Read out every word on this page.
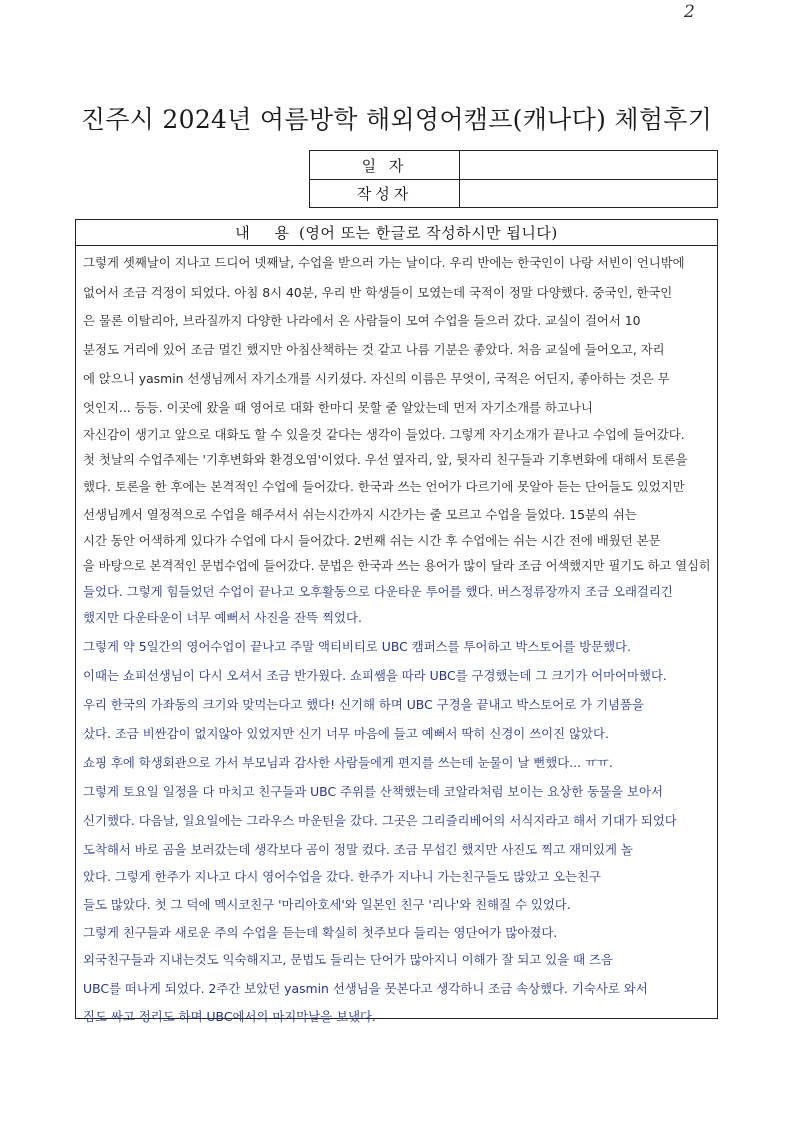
2
진주시 2024년 여름방학 해외영어캠프(캐나다) 체험후기
일 자
작성자
내 용 (영어 또는 한글로 작성하시만 됩니다)
그렇게 셋째날이 지나고 드디어 넷째날, 수업을 받으러 가는 날이다. 우리 반에는 한국인이 나랑 서빈이 언니밖에
없어서 조금 걱정이 되었다. 아침 8시 40분, 우리 반 학생들이 모였는데 국적이 정말 다양했다. 중국인, 한국인
은 물론 이탈리아, 브라질까지 다양한 나라에서 온 사람들이 모여 수업을 들으러 갔다. 교실이 걸어서 10
분정도 거리에 있어 조금 멀긴 했지만 아침산책하는 것 같고 나름 기분은 좋았다. 처음 교실에 들어오고, 자리
에 앉으니 yasmin 선생님께서 자기소개를 시키셨다. 자신의 이름은 무엇이, 국적은 어딘지, 좋아하는 것은 무
엇인지... 등등. 이곳에 왔을 때 영어로 대화 한마디 못할 줄 알았는데 먼저 자기소개를 하고나니
자신감이 생기고 앞으로 대화도 할 수 있을것 같다는 생각이 들었다. 그렇게 자기소개가 끝나고 수업에 들어갔다.
첫 첫날의 수업주제는 '기후변화와 환경오염'이었다. 우선 옆자리, 앞, 뒷자리 친구들과 기후변화에 대해서 토론을
했다. 토론을 한 후에는 본격적인 수업에 들어갔다. 한국과 쓰는 언어가 다르기에 못알아 듣는 단어들도 있었지만
선생님께서 열정적으로 수업을 해주셔서 쉬는시간까지 시간가는 줄 모르고 수업을 들었다. 15분의 쉬는
시간 동안 어색하게 있다가 수업에 다시 들어갔다. 2번째 쉬는 시간 후 수업에는 쉬는 시간 전에 배웠던 본문
을 바탕으로 본격적인 문법수업에 들어갔다. 문법은 한국과 쓰는 용어가 많이 달라 조금 어색했지만 필기도 하고 열심히
들었다. 그렇게 힘들었던 수업이 끝나고 오후활동으로 다운타운 투어를 했다. 버스정류장까지 조금 오래걸리긴
했지만 다운타운이 너무 예뻐서 사진을 잔뜩 찍었다.
그렇게 약 5일간의 영어수업이 끝나고 주말 액티비티로 UBC 캠퍼스를 투어하고 박스토어를 방문했다.
이때는 쇼피선생님이 다시 오셔서 조금 반가웠다. 쇼피쌤을 따라 UBC를 구경했는데 그 크기가 어마어마했다.
우리 한국의 가좌동의 크기와 맞먹는다고 했다! 신기해 하며 UBC 구경을 끝내고 박스토어로 가 기념품을
샀다. 조금 비싼감이 없지않아 있었지만 신기 너무 마음에 들고 예뻐서 딱히 신경이 쓰이진 않았다.
쇼핑 후에 학생회관으로 가서 부모님과 감사한 사람들에게 편지를 쓰는데 눈물이 날 뻔했다... ㅠㅠ.
그렇게 토요일 일정을 다 마치고 친구들과 UBC 주위를 산책했는데 코알라처럼 보이는 요상한 동물을 보아서
신기했다. 다음날, 일요일에는 그라우스 마운틴을 갔다. 그곳은 그리즐리베어의 서식지라고 해서 기대가 되었다
도착해서 바로 곰을 보러갔는데 생각보다 곰이 정말 컸다. 조금 무섭긴 했지만 사진도 찍고 재미있게 놀
았다. 그렇게 한주가 지나고 다시 영어수업을 갔다. 한주가 지나니 가는친구들도 많았고 오는친구
들도 많았다. 첫 그 덕에 멕시코친구 '마리아호세'와 일본인 친구 '리나'와 친해질 수 있었다.
그렇게 친구들과 새로운 주의 수업을 듣는데 확실히 첫주보다 들리는 영단어가 많아졌다.
외국친구들과 지내는것도 익숙해지고, 문법도 들리는 단어가 많아지니 이해가 잘 되고 있을 때 즈음
UBC를 떠나게 되었다. 2주간 보았던 yasmin 선생님을 못본다고 생각하니 조금 속상했다. 기숙사로 와서
짐도 싸고 정리도 하며 UBC에서의 마지막날을 보냈다.
